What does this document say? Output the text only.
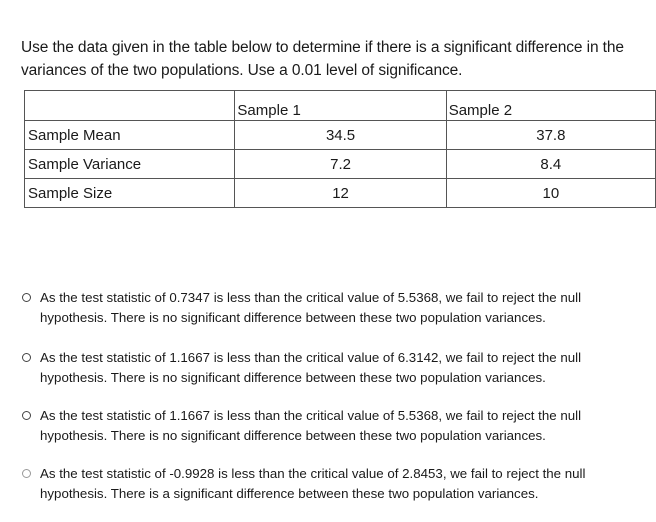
Use the data given in the table below to determine if there is a significant difference in the
variances of the two populations. Use a 0.01 level of significance.
	Sample 1	Sample 2
Sample Mean	34.5	37.8
Sample Variance	7.2	8.4
Sample Size	12	10
As the test statistic of 0.7347 is less than the critical value of 5.5368, we fail to reject the null
hypothesis. There is no significant difference between these two population variances.
As the test statistic of 1.1667 is less than the critical value of 6.3142, we fail to reject the null
hypothesis. There is no significant difference between these two population variances.
As the test statistic of 1.1667 is less than the critical value of 5.5368, we fail to reject the null
hypothesis. There is no significant difference between these two population variances.
As the test statistic of -0.9928 is less than the critical value of 2.8453, we fail to reject the null
hypothesis. There is a significant difference between these two population variances.
